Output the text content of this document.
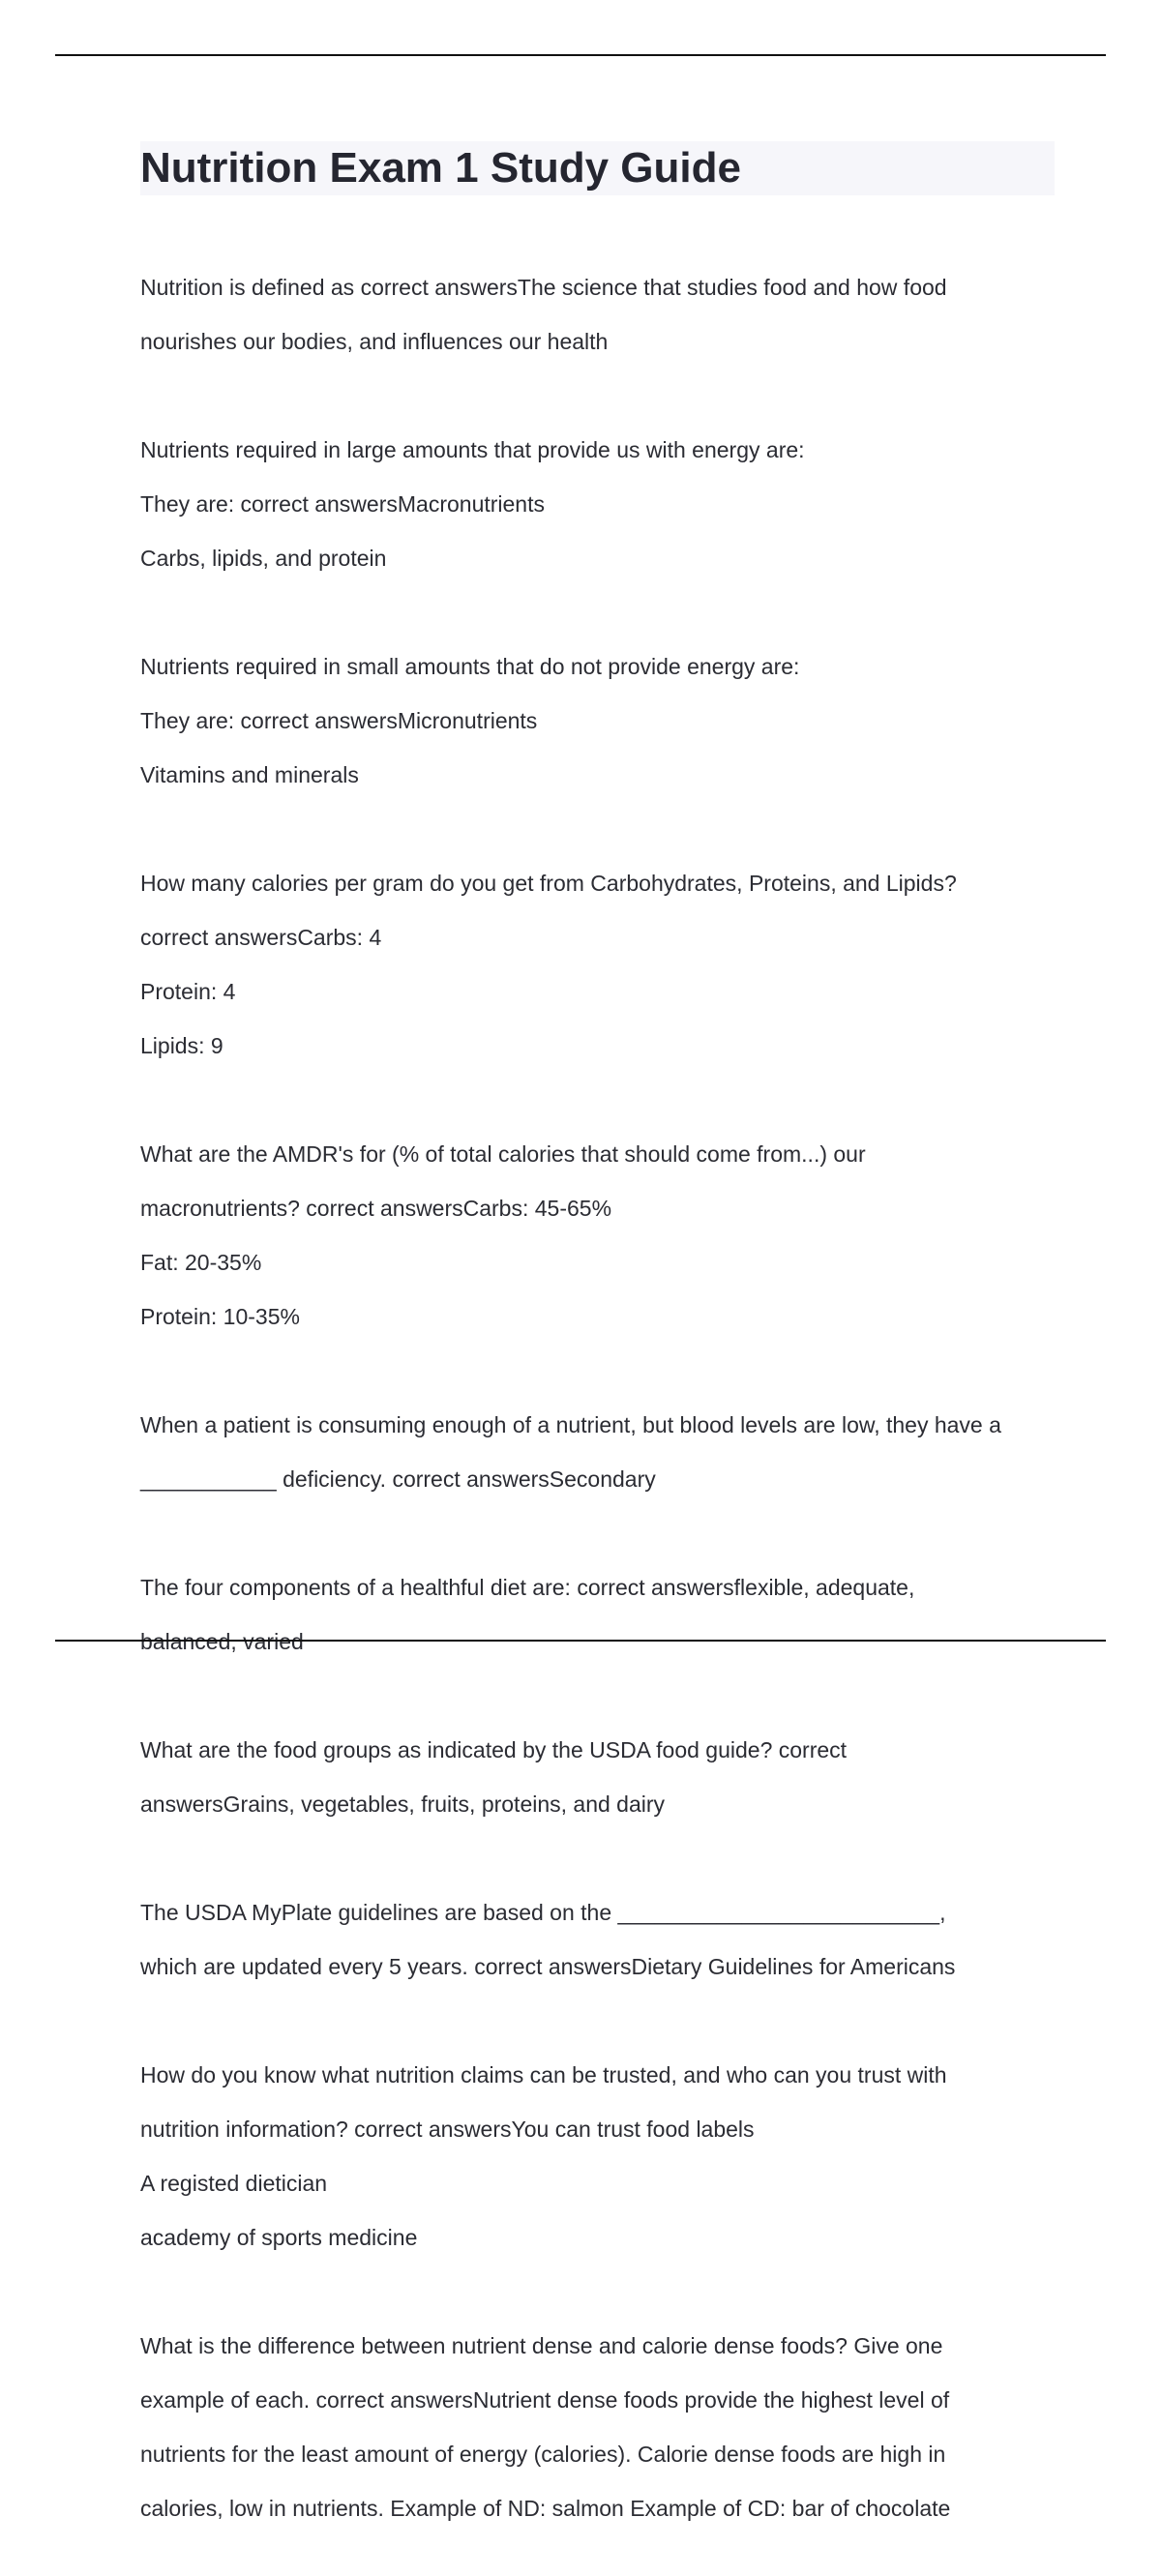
Nutrition Exam 1 Study Guide

Nutrition is defined as correct answersThe science that studies food and how food

nourishes our bodies, and influences our health

Nutrients required in large amounts that provide us with energy are:

They are: correct answersMacronutrients

Carbs, lipids, and protein

Nutrients required in small amounts that do not provide energy are:

They are: correct answersMicronutrients

Vitamins and minerals

How many calories per gram do you get from Carbohydrates, Proteins, and Lipids?

correct answersCarbs: 4

Protein: 4

Lipids: 9

What are the AMDR's for (% of total calories that should come from...) our

macronutrients? correct answersCarbs: 45-65%

Fat: 20-35%

Protein: 10-35%

When a patient is consuming enough of a nutrient, but blood levels are low, they have a

___________ deficiency. correct answersSecondary

The four components of a healthful diet are: correct answersflexible, adequate,

balanced, varied

What are the food groups as indicated by the USDA food guide? correct

answersGrains, vegetables, fruits, proteins, and dairy

The USDA MyPlate guidelines are based on the __________________________,

which are updated every 5 years. correct answersDietary Guidelines for Americans

How do you know what nutrition claims can be trusted, and who can you trust with

nutrition information? correct answersYou can trust food labels

A registed dietician

academy of sports medicine

What is the difference between nutrient dense and calorie dense foods? Give one

example of each. correct answersNutrient dense foods provide the highest level of

nutrients for the least amount of energy (calories). Calorie dense foods are high in

calories, low in nutrients. Example of ND: salmon Example of CD: bar of chocolate
